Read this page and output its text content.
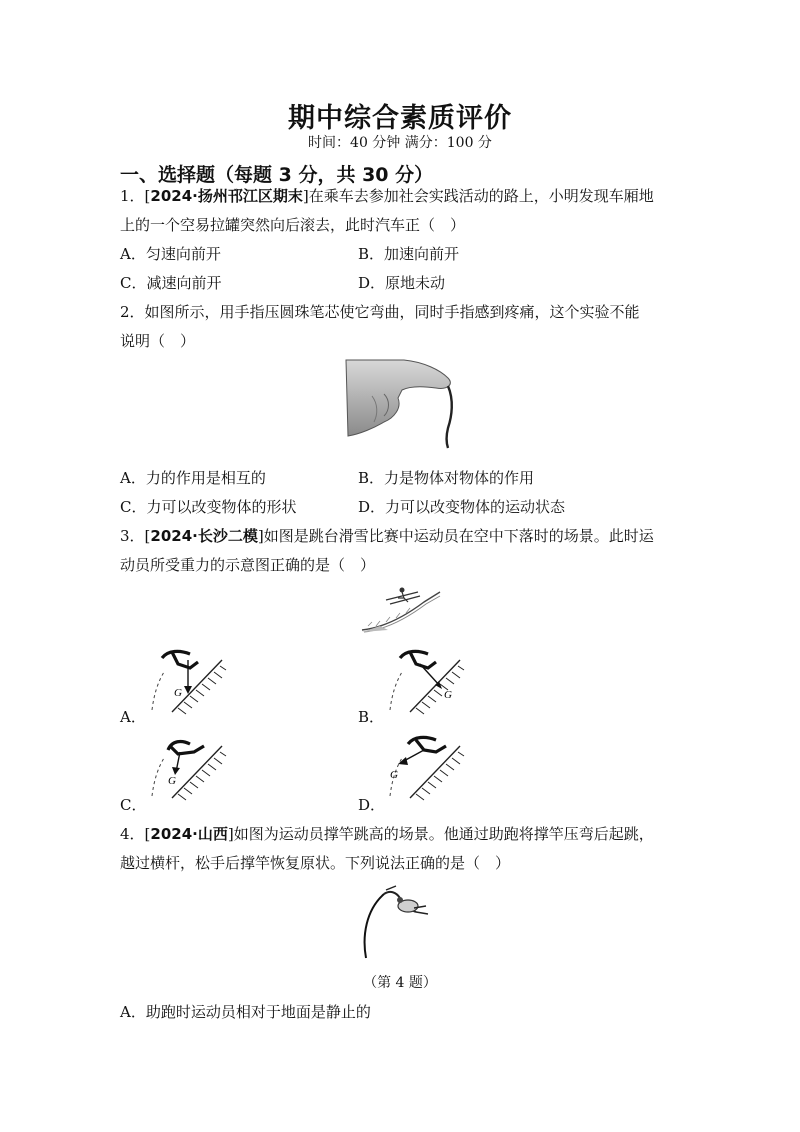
期中综合素质评价
时间：40 分钟 满分：100 分
一、选择题（每题 3 分，共 30 分）
1．[2024·扬州邗江区期末]在乘车去参加社会实践活动的路上，小明发现车厢地
上的一个空易拉罐突然向后滚去，此时汽车正（　）
A．匀速向前开	B．加速向前开
C．减速向前开	D．原地未动
2．如图所示，用手指压圆珠笔芯使它弯曲，同时手指感到疼痛，这个实验不能
说明（　）
A．力的作用是相互的	B．力是物体对物体的作用
C．力可以改变物体的形状	D．力可以改变物体的运动状态
3．[2024·长沙二模]如图是跳台滑雪比赛中运动员在空中下落时的场景。此时运
动员所受重力的示意图正确的是（　）
G
A．
G
B．
G
C．
G
D．
4．[2024·山西]如图为运动员撑竿跳高的场景。他通过助跑将撑竿压弯后起跳，
越过横杆，松手后撑竿恢复原状。下列说法正确的是（　）
（第 4 题）
A．助跑时运动员相对于地面是静止的
